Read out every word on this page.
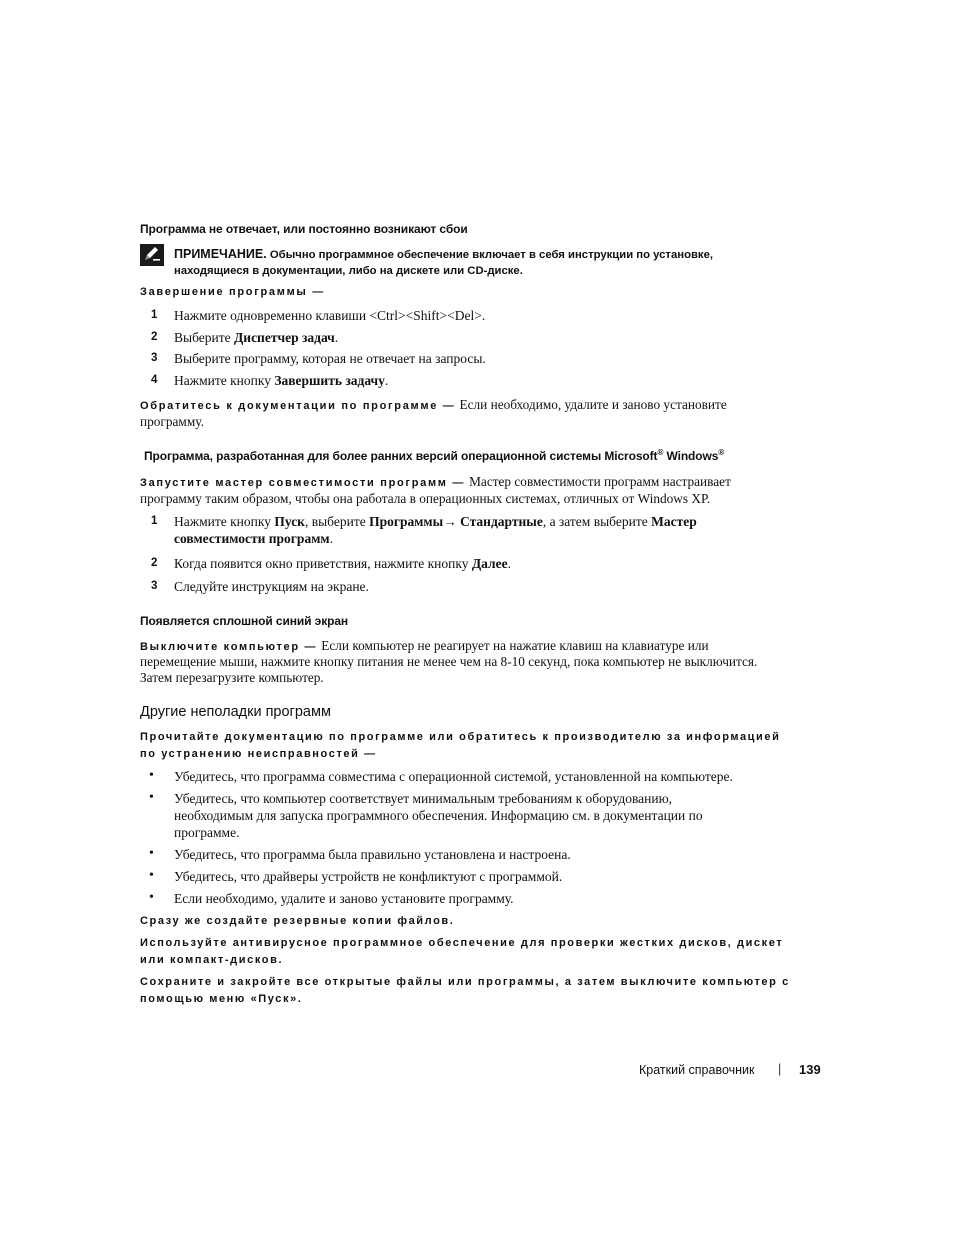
Программа не отвечает, или постоянно возникают сбои
ПРИМЕЧАНИЕ. Обычно программное обеспечение включает в себя инструкции по установке,
находящиеся в документации, либо на дискете или CD-диске.
Завершение программы —
1 Нажмите одновременно клавиши <Ctrl><Shift><Del>.
2 Выберите Диспетчер задач.
3 Выберите программу, которая не отвечает на запросы.
4 Нажмите кнопку Завершить задачу.
Обратитесь к документации по программе — Если необходимо, удалите и заново установите
программу.
Программа, разработанная для более ранних версий операционной системы Microsoft® Windows®
Запустите мастер совместимости программ — Мастер совместимости программ настраивает
программу таким образом, чтобы она работала в операционных системах, отличных от Windows XP.
1 Нажмите кнопку Пуск, выберите Программы→ Стандартные, а затем выберите Мастер
совместимости программ.
2 Когда появится окно приветствия, нажмите кнопку Далее.
3 Следуйте инструкциям на экране.
Появляется сплошной синий экран
Выключите компьютер — Если компьютер не реагирует на нажатие клавиш на клавиатуре или
перемещение мыши, нажмите кнопку питания не менее чем на 8-10 секунд, пока компьютер не выключится.
Затем перезагрузите компьютер.
Другие неполадки программ
Прочитайте документацию по программе или обратитесь к производителю за информацией
по устранению неисправностей —
• Убедитесь, что программа совместима с операционной системой, установленной на компьютере.
• Убедитесь, что компьютер соответствует минимальным требованиям к оборудованию,
необходимым для запуска программного обеспечения. Информацию см. в документации по
программе.
• Убедитесь, что программа была правильно установлена и настроена.
• Убедитесь, что драйверы устройств не конфликтуют с программой.
• Если необходимо, удалите и заново установите программу.
Сразу же создайте резервные копии файлов.
Используйте антивирусное программное обеспечение для проверки жестких дисков, дискет
или компакт-дисков.
Сохраните и закройте все открытые файлы или программы, а затем выключите компьютер с
помощью меню «Пуск».
Краткий справочник | 139
